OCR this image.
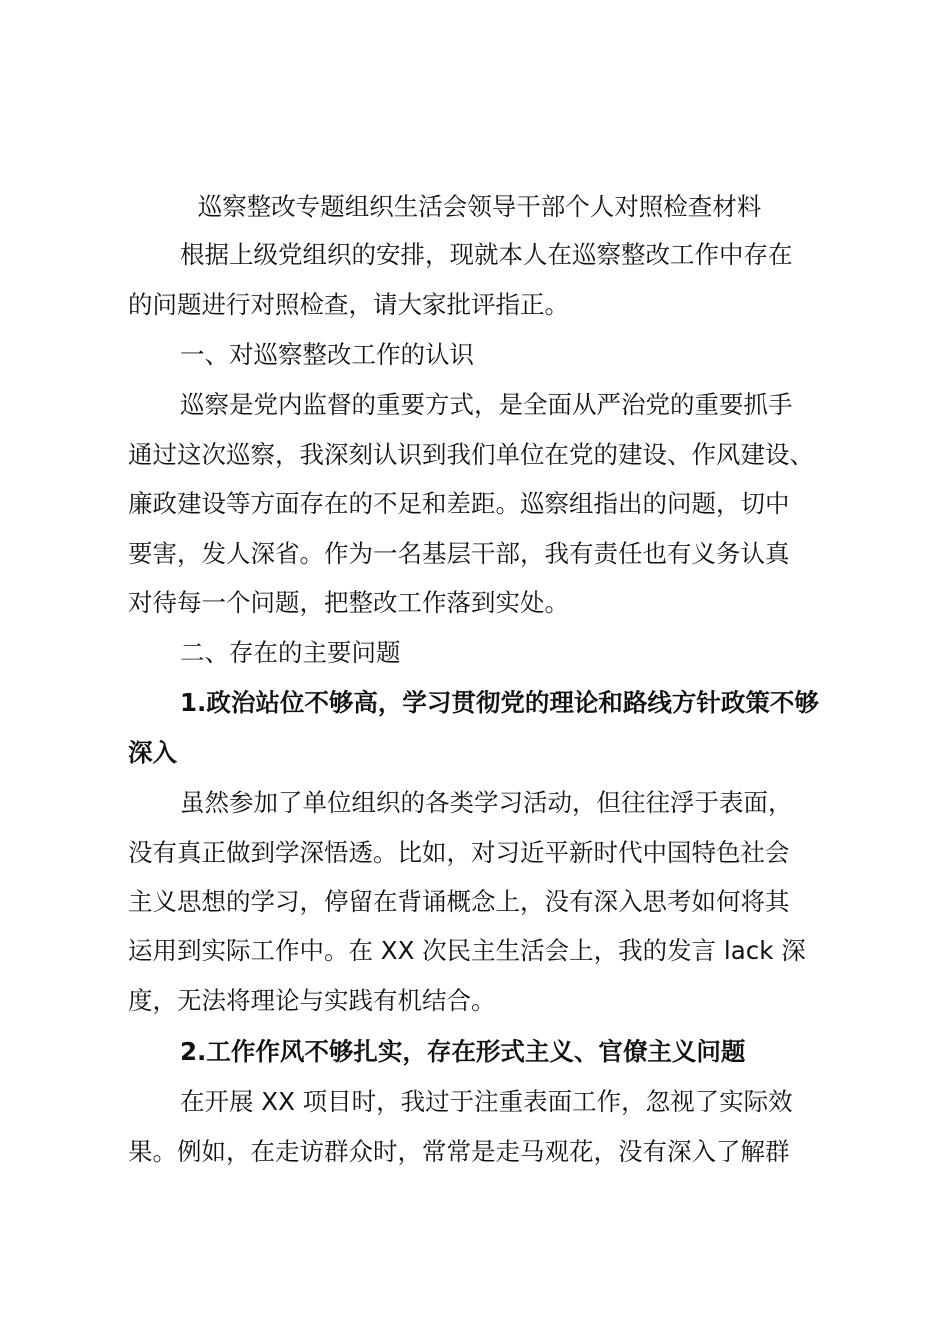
巡察整改专题组织生活会领导干部个人对照检查材料
根据上级党组织的安排，现就本人在巡察整改工作中存在
的问题进行对照检查，请大家批评指正。
一、对巡察整改工作的认识
巡察是党内监督的重要方式，是全面从严治党的重要抓手
通过这次巡察，我深刻认识到我们单位在党的建设、作风建设、
廉政建设等方面存在的不足和差距。巡察组指出的问题，切中
要害，发人深省。作为一名基层干部，我有责任也有义务认真
对待每一个问题，把整改工作落到实处。
二、存在的主要问题
1.政治站位不够高，学习贯彻党的理论和路线方针政策不够
深入
虽然参加了单位组织的各类学习活动，但往往浮于表面，
没有真正做到学深悟透。比如，对习近平新时代中国特色社会
主义思想的学习，停留在背诵概念上，没有深入思考如何将其
运用到实际工作中。在 XX 次民主生活会上，我的发言 lack 深
度，无法将理论与实践有机结合。
2.工作作风不够扎实，存在形式主义、官僚主义问题
在开展 XX 项目时，我过于注重表面工作，忽视了实际效
果。例如，在走访群众时，常常是走马观花，没有深入了解群
